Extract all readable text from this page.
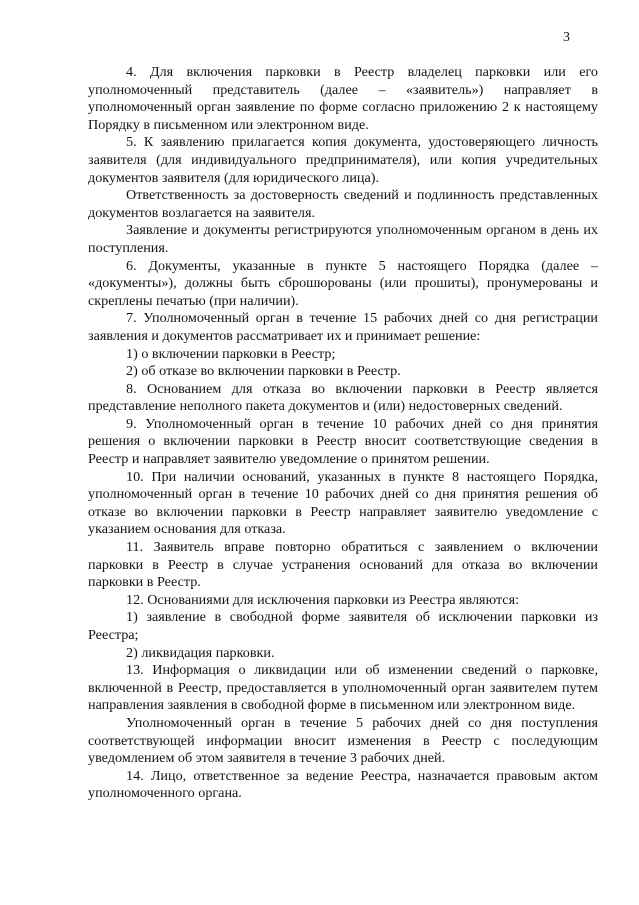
3

4. Для включения парковки в Реестр владелец парковки или его уполномоченный представитель (далее – «заявитель») направляет в уполномоченный орган заявление по форме согласно приложению 2 к настоящему Порядку в письменном или электронном виде.

5. К заявлению прилагается копия документа, удостоверяющего личность заявителя (для индивидуального предпринимателя), или копия учредительных документов заявителя (для юридического лица).

Ответственность за достоверность сведений и подлинность представленных документов возлагается на заявителя.

Заявление и документы регистрируются уполномоченным органом в день их поступления.

6. Документы, указанные в пункте 5 настоящего Порядка (далее – «документы»), должны быть сброшюрованы (или прошиты), пронумерованы и скреплены печатью (при наличии).

7. Уполномоченный орган в течение 15 рабочих дней со дня регистрации заявления и документов рассматривает их и принимает решение:

1) о включении парковки в Реестр;

2) об отказе во включении парковки в Реестр.

8. Основанием для отказа во включении парковки в Реестр является представление неполного пакета документов и (или) недостоверных сведений.

9. Уполномоченный орган в течение 10 рабочих дней со дня принятия решения о включении парковки в Реестр вносит соответствующие сведения в Реестр и направляет заявителю уведомление о принятом решении.

10. При наличии оснований, указанных в пункте 8 настоящего Порядка, уполномоченный орган в течение 10 рабочих дней со дня принятия решения об отказе во включении парковки в Реестр направляет заявителю уведомление с указанием основания для отказа.

11. Заявитель вправе повторно обратиться с заявлением о включении парковки в Реестр в случае устранения оснований для отказа во включении парковки в Реестр.

12. Основаниями для исключения парковки из Реестра являются:

1) заявление в свободной форме заявителя об исключении парковки из Реестра;

2) ликвидация парковки.

13. Информация о ликвидации или об изменении сведений о парковке, включенной в Реестр, предоставляется в уполномоченный орган заявителем путем направления заявления в свободной форме в письменном или электронном виде.

Уполномоченный орган в течение 5 рабочих дней со дня поступления соответствующей информации вносит изменения в Реестр с последующим уведомлением об этом заявителя в течение 3 рабочих дней.

14. Лицо, ответственное за ведение Реестра, назначается правовым актом уполномоченного органа.
